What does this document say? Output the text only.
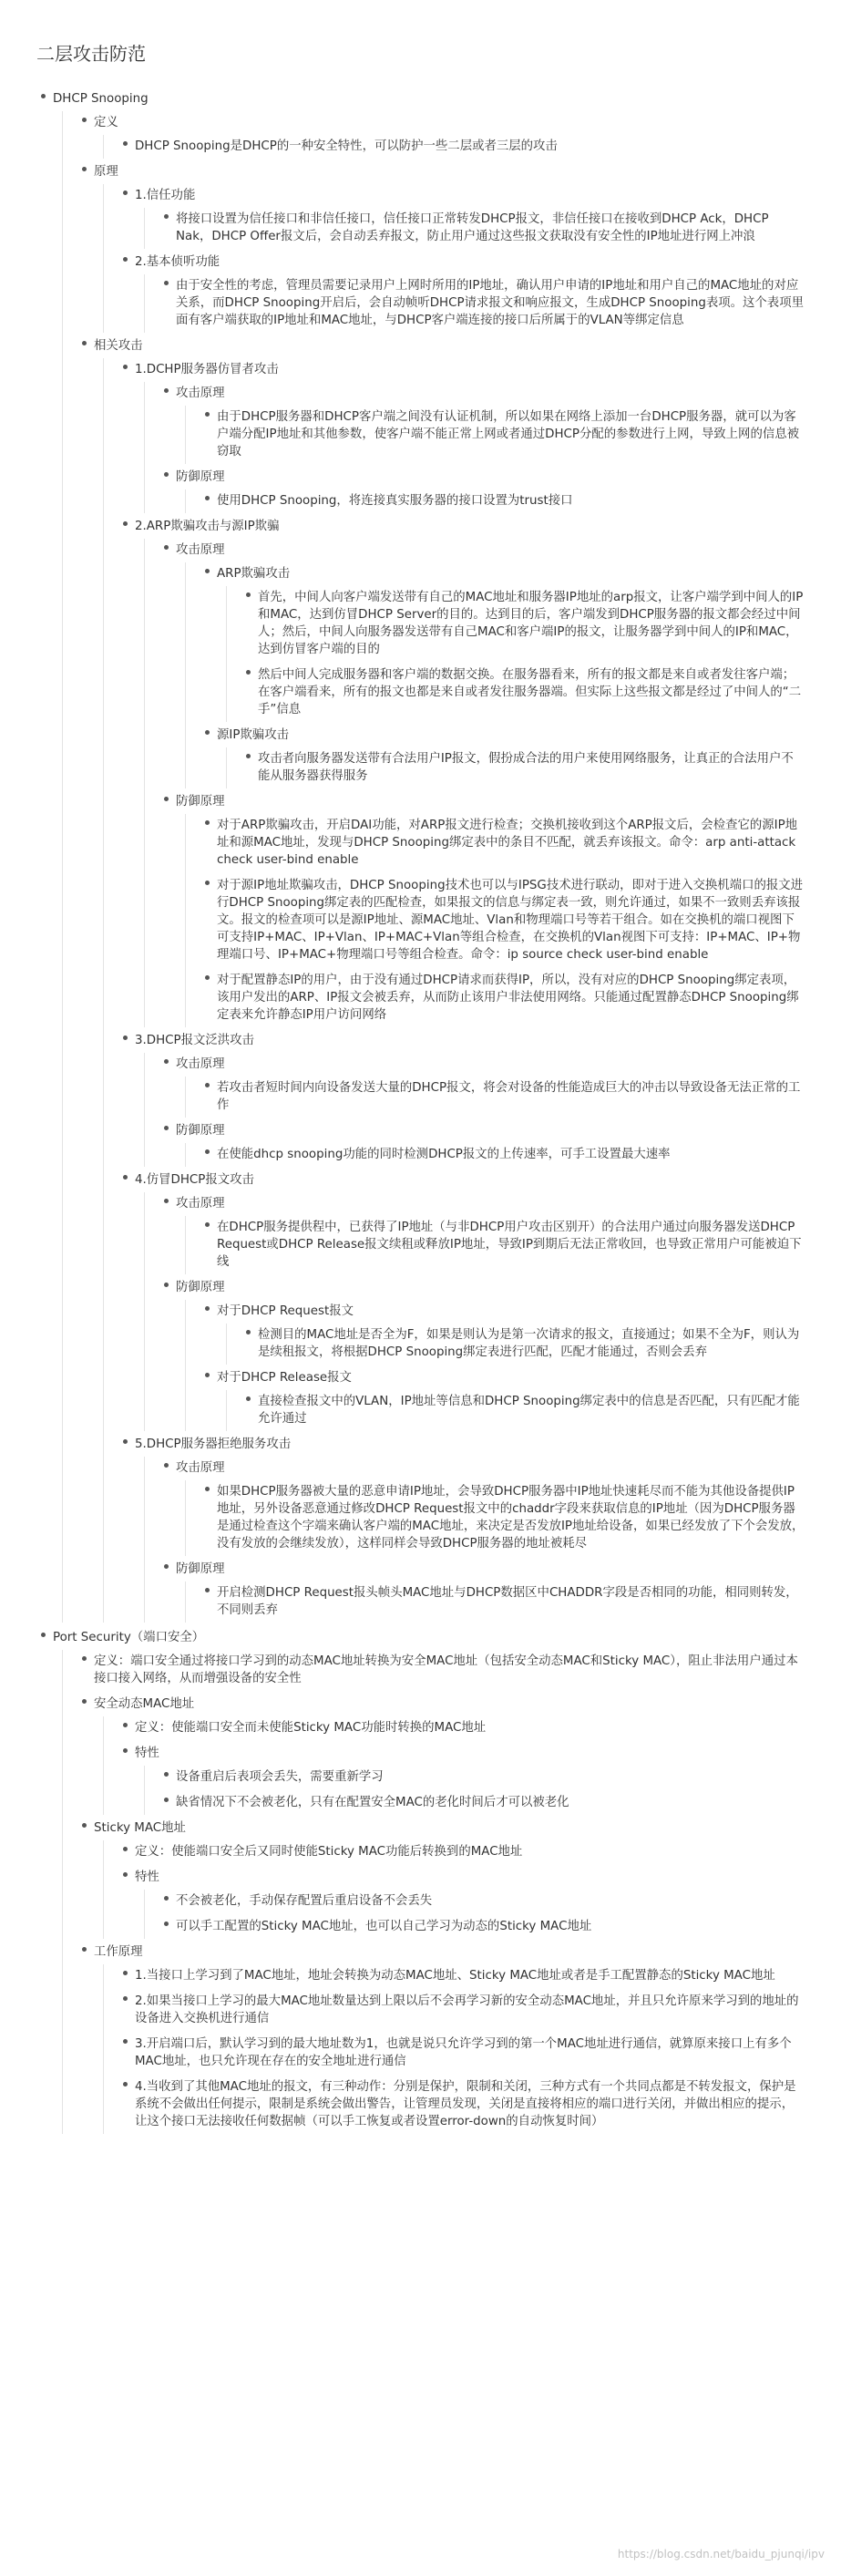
二层攻击防范
DHCP Snooping
定义
DHCP Snooping是DHCP的一种安全特性，可以防护一些二层或者三层的攻击
原理
1.信任功能
将接口设置为信任接口和非信任接口，信任接口正常转发DHCP报文，非信任接口在接收到DHCP Ack，DHCP Nak，DHCP Offer报文后，会自动丢弃报文，防止用户通过这些报文获取没有安全性的IP地址进行网上冲浪
2.基本侦听功能
由于安全性的考虑，管理员需要记录用户上网时所用的IP地址，确认用户申请的IP地址和用户自己的MAC地址的对应关系，而DHCP Snooping开启后，会自动帧听DHCP请求报文和响应报文，生成DHCP Snooping表项。这个表项里面有客户端获取的IP地址和MAC地址，与DHCP客户端连接的接口后所属于的VLAN等绑定信息
相关攻击
1.DCHP服务器仿冒者攻击
攻击原理
由于DHCP服务器和DHCP客户端之间没有认证机制，所以如果在网络上添加一台DHCP服务器，就可以为客户端分配IP地址和其他参数，使客户端不能正常上网或者通过DHCP分配的参数进行上网，导致上网的信息被窃取
防御原理
使用DHCP Snooping，将连接真实服务器的接口设置为trust接口
2.ARP欺骗攻击与源IP欺骗
攻击原理
ARP欺骗攻击
首先，中间人向客户端发送带有自己的MAC地址和服务器IP地址的arp报文，让客户端学到中间人的IP和MAC，达到仿冒DHCP Server的目的。达到目的后，客户端发到DHCP服务器的报文都会经过中间人；然后，中间人向服务器发送带有自己MAC和客户端IP的报文，让服务器学到中间人的IP和MAC，达到仿冒客户端的目的
然后中间人完成服务器和客户端的数据交换。在服务器看来，所有的报文都是来自或者发往客户端；在客户端看来，所有的报文也都是来自或者发往服务器端。但实际上这些报文都是经过了中间人的“二手”信息
源IP欺骗攻击
攻击者向服务器发送带有合法用户IP报文，假扮成合法的用户来使用网络服务，让真正的合法用户不能从服务器获得服务
防御原理
对于ARP欺骗攻击，开启DAI功能，对ARP报文进行检查；交换机接收到这个ARP报文后，会检查它的源IP地址和源MAC地址，发现与DHCP Snooping绑定表中的条目不匹配，就丢弃该报文。命令：arp anti-attack check user-bind enable
对于源IP地址欺骗攻击，DHCP Snooping技术也可以与IPSG技术进行联动，即对于进入交换机端口的报文进行DHCP Snooping绑定表的匹配检查，如果报文的信息与绑定表一致，则允许通过，如果不一致则丢弃该报文。报文的检查项可以是源IP地址、源MAC地址、Vlan和物理端口号等若干组合。如在交换机的端口视图下可支持IP+MAC、IP+Vlan、IP+MAC+Vlan等组合检查，在交换机的Vlan视图下可支持：IP+MAC、IP+物理端口号、IP+MAC+物理端口号等组合检查。命令：ip source check user-bind enable
对于配置静态IP的用户，由于没有通过DHCP请求而获得IP，所以，没有对应的DHCP Snooping绑定表项，该用户发出的ARP、IP报文会被丢弃，从而防止该用户非法使用网络。只能通过配置静态DHCP Snooping绑定表来允许静态IP用户访问网络
3.DHCP报文泛洪攻击
攻击原理
若攻击者短时间内向设备发送大量的DHCP报文，将会对设备的性能造成巨大的冲击以导致设备无法正常的工作
防御原理
在使能dhcp snooping功能的同时检测DHCP报文的上传速率，可手工设置最大速率
4.仿冒DHCP报文攻击
攻击原理
在DHCP服务提供程中，已获得了IP地址（与非DHCP用户攻击区别开）的合法用户通过向服务器发送DHCP Request或DHCP Release报文续租或释放IP地址，导致IP到期后无法正常收回，也导致正常用户可能被迫下线
防御原理
对于DHCP Request报文
检测目的MAC地址是否全为F，如果是则认为是第一次请求的报文，直接通过；如果不全为F，则认为是续租报文，将根据DHCP Snooping绑定表进行匹配，匹配才能通过，否则会丢弃
对于DHCP Release报文
直接检查报文中的VLAN，IP地址等信息和DHCP Snooping绑定表中的信息是否匹配，只有匹配才能允许通过
5.DHCP服务器拒绝服务攻击
攻击原理
如果DHCP服务器被大量的恶意申请IP地址，会导致DHCP服务器中IP地址快速耗尽而不能为其他设备提供IP地址，另外设备恶意通过修改DHCP Request报文中的chaddr字段来获取信息的IP地址（因为DHCP服务器是通过检查这个字端来确认客户端的MAC地址，来决定是否发放IP地址给设备，如果已经发放了下个会发放，没有发放的会继续发放），这样同样会导致DHCP服务器的地址被耗尽
防御原理
开启检测DHCP Request报头帧头MAC地址与DHCP数据区中CHADDR字段是否相同的功能，相同则转发，不同则丢弃
Port Security（端口安全）
定义：端口安全通过将接口学习到的动态MAC地址转换为安全MAC地址（包括安全动态MAC和Sticky MAC），阻止非法用户通过本接口接入网络，从而增强设备的安全性
安全动态MAC地址
定义：使能端口安全而未使能Sticky MAC功能时转换的MAC地址
特性
设备重启后表项会丢失，需要重新学习
缺省情况下不会被老化，只有在配置安全MAC的老化时间后才可以被老化
Sticky MAC地址
定义：使能端口安全后又同时使能Sticky MAC功能后转换到的MAC地址
特性
不会被老化，手动保存配置后重启设备不会丢失
可以手工配置的Sticky MAC地址，也可以自己学习为动态的Sticky MAC地址
工作原理
1.当接口上学习到了MAC地址，地址会转换为动态MAC地址、Sticky MAC地址或者是手工配置静态的Sticky MAC地址
2.如果当接口上学习的最大MAC地址数量达到上限以后不会再学习新的安全动态MAC地址，并且只允许原来学习到的地址的设备进入交换机进行通信
3.开启端口后，默认学习到的最大地址数为1，也就是说只允许学习到的第一个MAC地址进行通信，就算原来接口上有多个MAC地址，也只允许现在存在的安全地址进行通信
4.当收到了其他MAC地址的报文，有三种动作：分别是保护，限制和关闭，三种方式有一个共同点都是不转发报文，保护是系统不会做出任何提示，限制是系统会做出警告，让管理员发现，关闭是直接将相应的端口进行关闭，并做出相应的提示，让这个接口无法接收任何数据帧（可以手工恢复或者设置error-down的自动恢复时间）
https://blog.csdn.net/baidu_pjunqi/ipv
